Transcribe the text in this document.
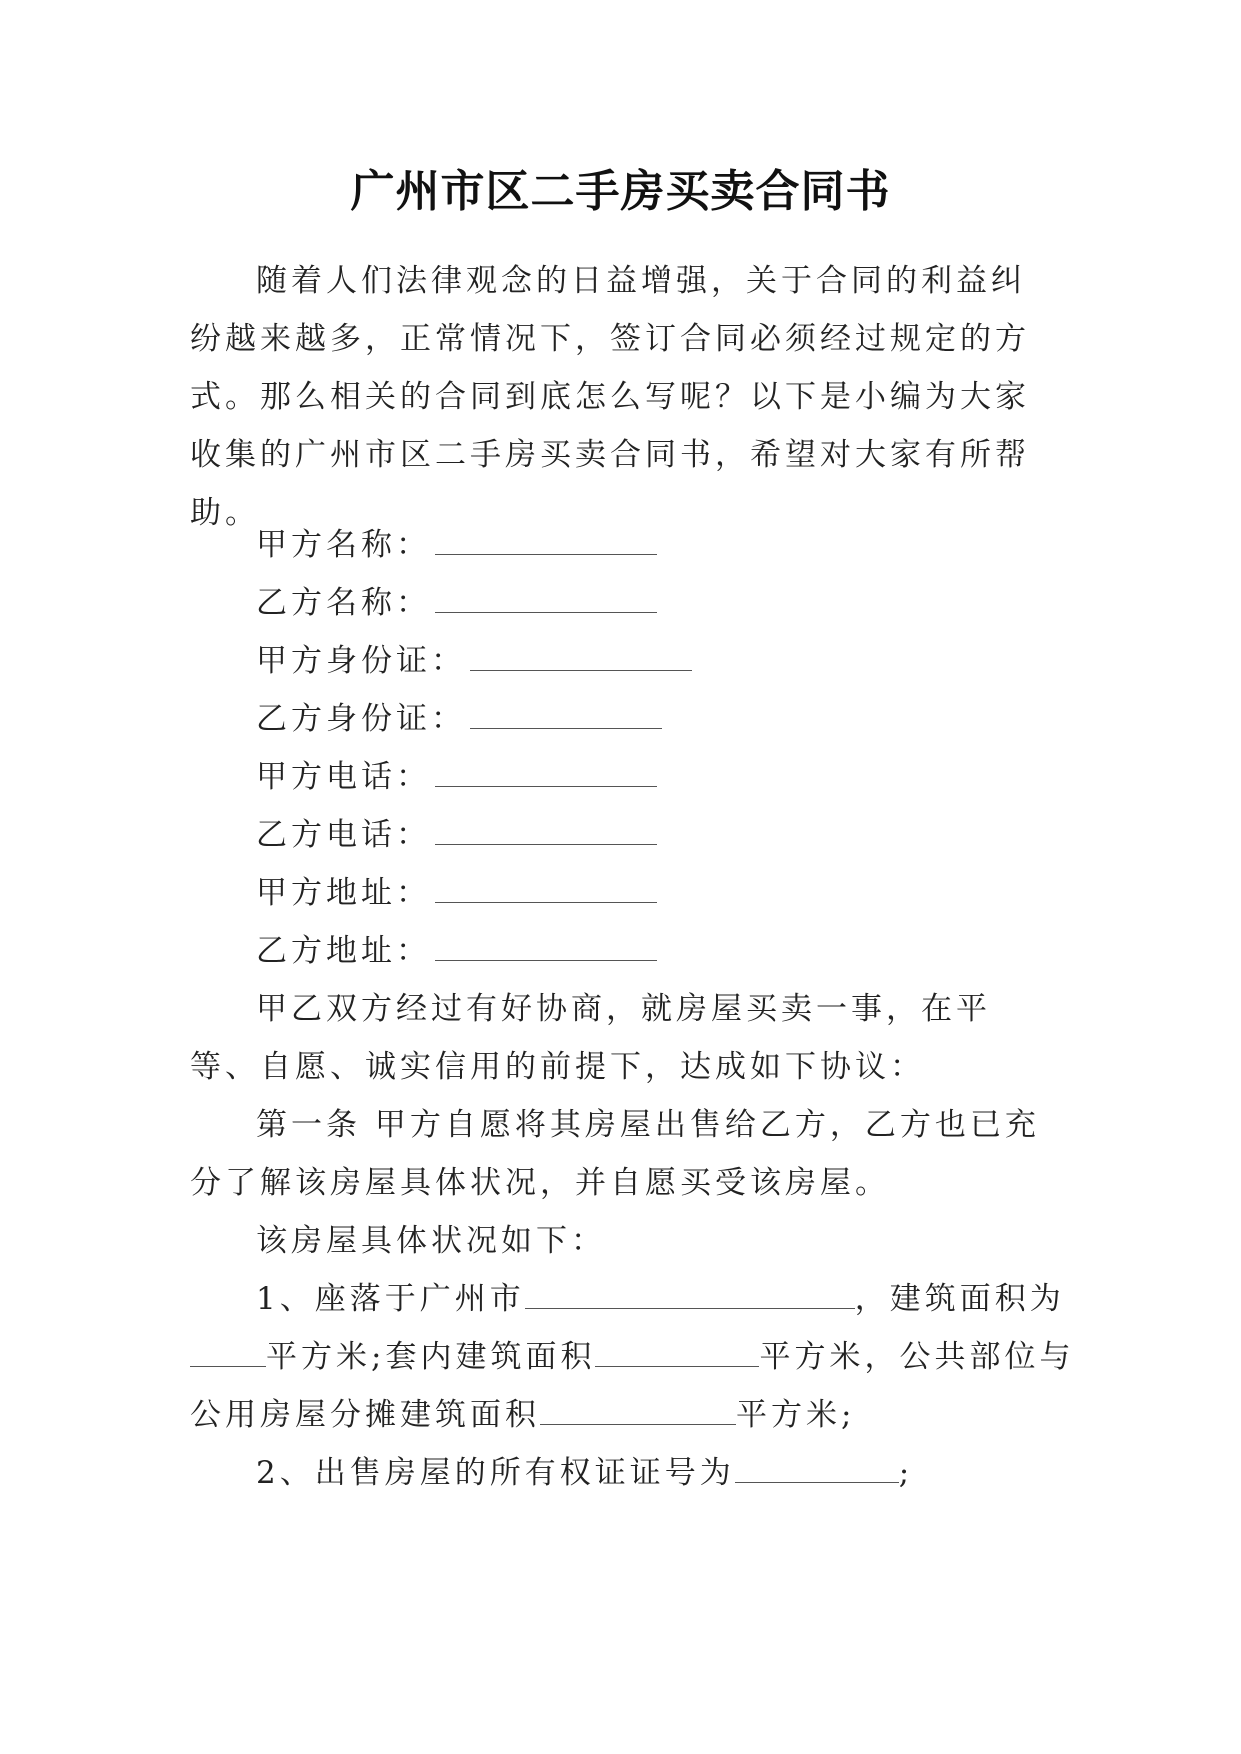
广州市区二手房买卖合同书

随着人们法律观念的日益增强，关于合同的利益纠纷越来越多，正常情况下，签订合同必须经过规定的方式。那么相关的合同到底怎么写呢？以下是小编为大家收集的广州市区二手房买卖合同书，希望对大家有所帮助。

甲方名称：
乙方名称：
甲方身份证：
乙方身份证：
甲方电话：
乙方电话：
甲方地址：
乙方地址：

甲乙双方经过有好协商，就房屋买卖一事，在平等、自愿、诚实信用的前提下，达成如下协议：

第一条 甲方自愿将其房屋出售给乙方，乙方也已充分了解该房屋具体状况，并自愿买受该房屋。

该房屋具体状况如下：

1、座落于广州市	，建筑面积为
平方米;套内建筑面积	平方米，公共部位与
公用房屋分摊建筑面积	平方米;
2、出售房屋的所有权证证号为	;
